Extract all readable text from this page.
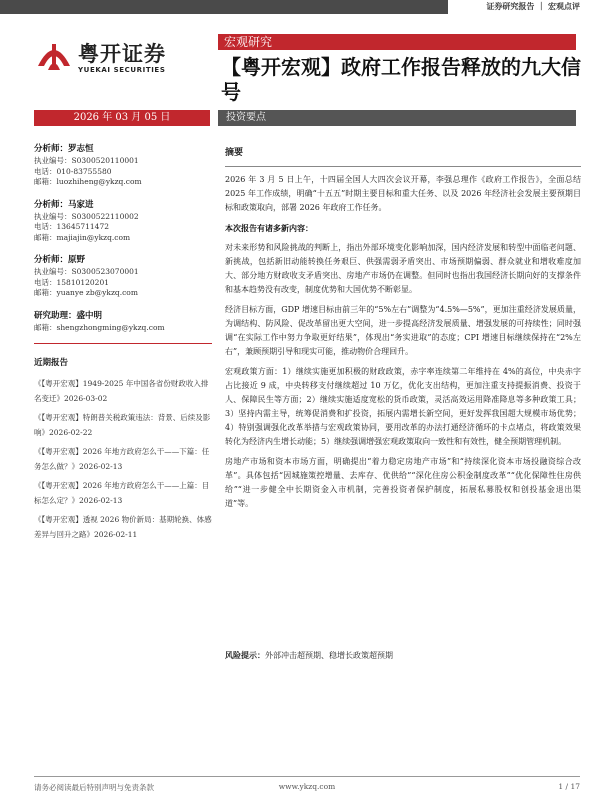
证券研究报告 ｜ 宏观点评
粤开证券
YUEKAI SECURITIES
宏观研究
【粤开宏观】政府工作报告释放的九大信号
2026 年 03 月 05 日	投资要点
分析师：罗志恒
执业编号：S0300520110001
电话：010-83755580
邮箱：luozhiheng@ykzq.com
分析师：马家进
执业编号：S0300522110002
电话：13645711472
邮箱：majiajin@ykzq.com
分析师：原野
执业编号：S0300523070001
电话：15810120201
邮箱：yuanye zb@ykzq.com
研究助理：盛中明
邮箱：shengzhongming@ykzq.com
近期报告
《【粤开宏观】1949-2025 年中国各省份财政收入排名变迁》2026-03-02
《【粤开宏观】特朗普关税政策违法：背景、后续及影响》2026-02-22
《【粤开宏观】2026 年地方政府怎么干——下篇：任务怎么做？》2026-02-13
《【粤开宏观】2026 年地方政府怎么干——上篇：目标怎么定？》2026-02-13
《【粤开宏观】透视 2026 物价新局：基期轮换、体感差异与回升之路》2026-02-11
摘要

2026 年 3 月 5 日上午，十四届全国人大四次会议开幕，李强总理作《政府工作报告》，全面总结 2025 年工作成绩，明确“十五五”时期主要目标和重大任务、以及 2026 年经济社会发展主要预期目标和政策取向，部署 2026 年政府工作任务。

本次报告有诸多新内容：

对未来形势和风险挑战的判断上，指出外部环境变化影响加深，国内经济发展和转型中面临老问题、新挑战，包括新旧动能转换任务艰巨、供强需弱矛盾突出、市场预期偏弱、群众就业和增收难度加大、部分地方财政收支矛盾突出、房地产市场仍在调整。但同时也指出我国经济长期向好的支撑条件和基本趋势没有改变，制度优势和大国优势不断彰显。

经济目标方面，GDP 增速目标由前三年的“5%左右”调整为“4.5%—5%”，更加注重经济发展质量，为调结构、防风险、促改革留出更大空间，进一步提高经济发展质量、增强发展的可持续性；同时强调“在实际工作中努力争取更好结果”，体现出“务实进取”的态度；CPI 增速目标继续保持在“2%左右”，兼顾预期引导和现实可能，推动物价合理回升。

宏观政策方面：1）继续实施更加积极的财政政策，赤字率连续第二年维持在 4%的高位，中央赤字占比接近 9 成，中央转移支付继续超过 10 万亿，优化支出结构，更加注重支持提振消费、投资于人、保障民生等方面；2）继续实施适度宽松的货币政策，灵活高效运用降准降息等多种政策工具；3）坚持内需主导，统筹促消费和扩投资，拓展内需增长新空间，更好发挥我国超大规模市场优势；4）特别强调强化改革举措与宏观政策协同，要用改革的办法打通经济循环的卡点堵点，将政策效果转化为经济内生增长动能；5）继续强调增强宏观政策取向一致性和有效性，健全预期管理机制。

房地产市场和资本市场方面，明确提出“着力稳定房地产市场”和“持续深化资本市场投融资综合改革”。具体包括“因城施策控增量、去库存、优供给”“深化住房公积金制度改革”“优化保障性住房供给”“进一步健全中长期资金入市机制，完善投资者保护制度，拓展私募股权和创投基金退出渠道”等。

风险提示：外部冲击超预期、稳增长政策超预期
请务必阅读最后特别声明与免责条款	www.ykzq.com	1 / 17
